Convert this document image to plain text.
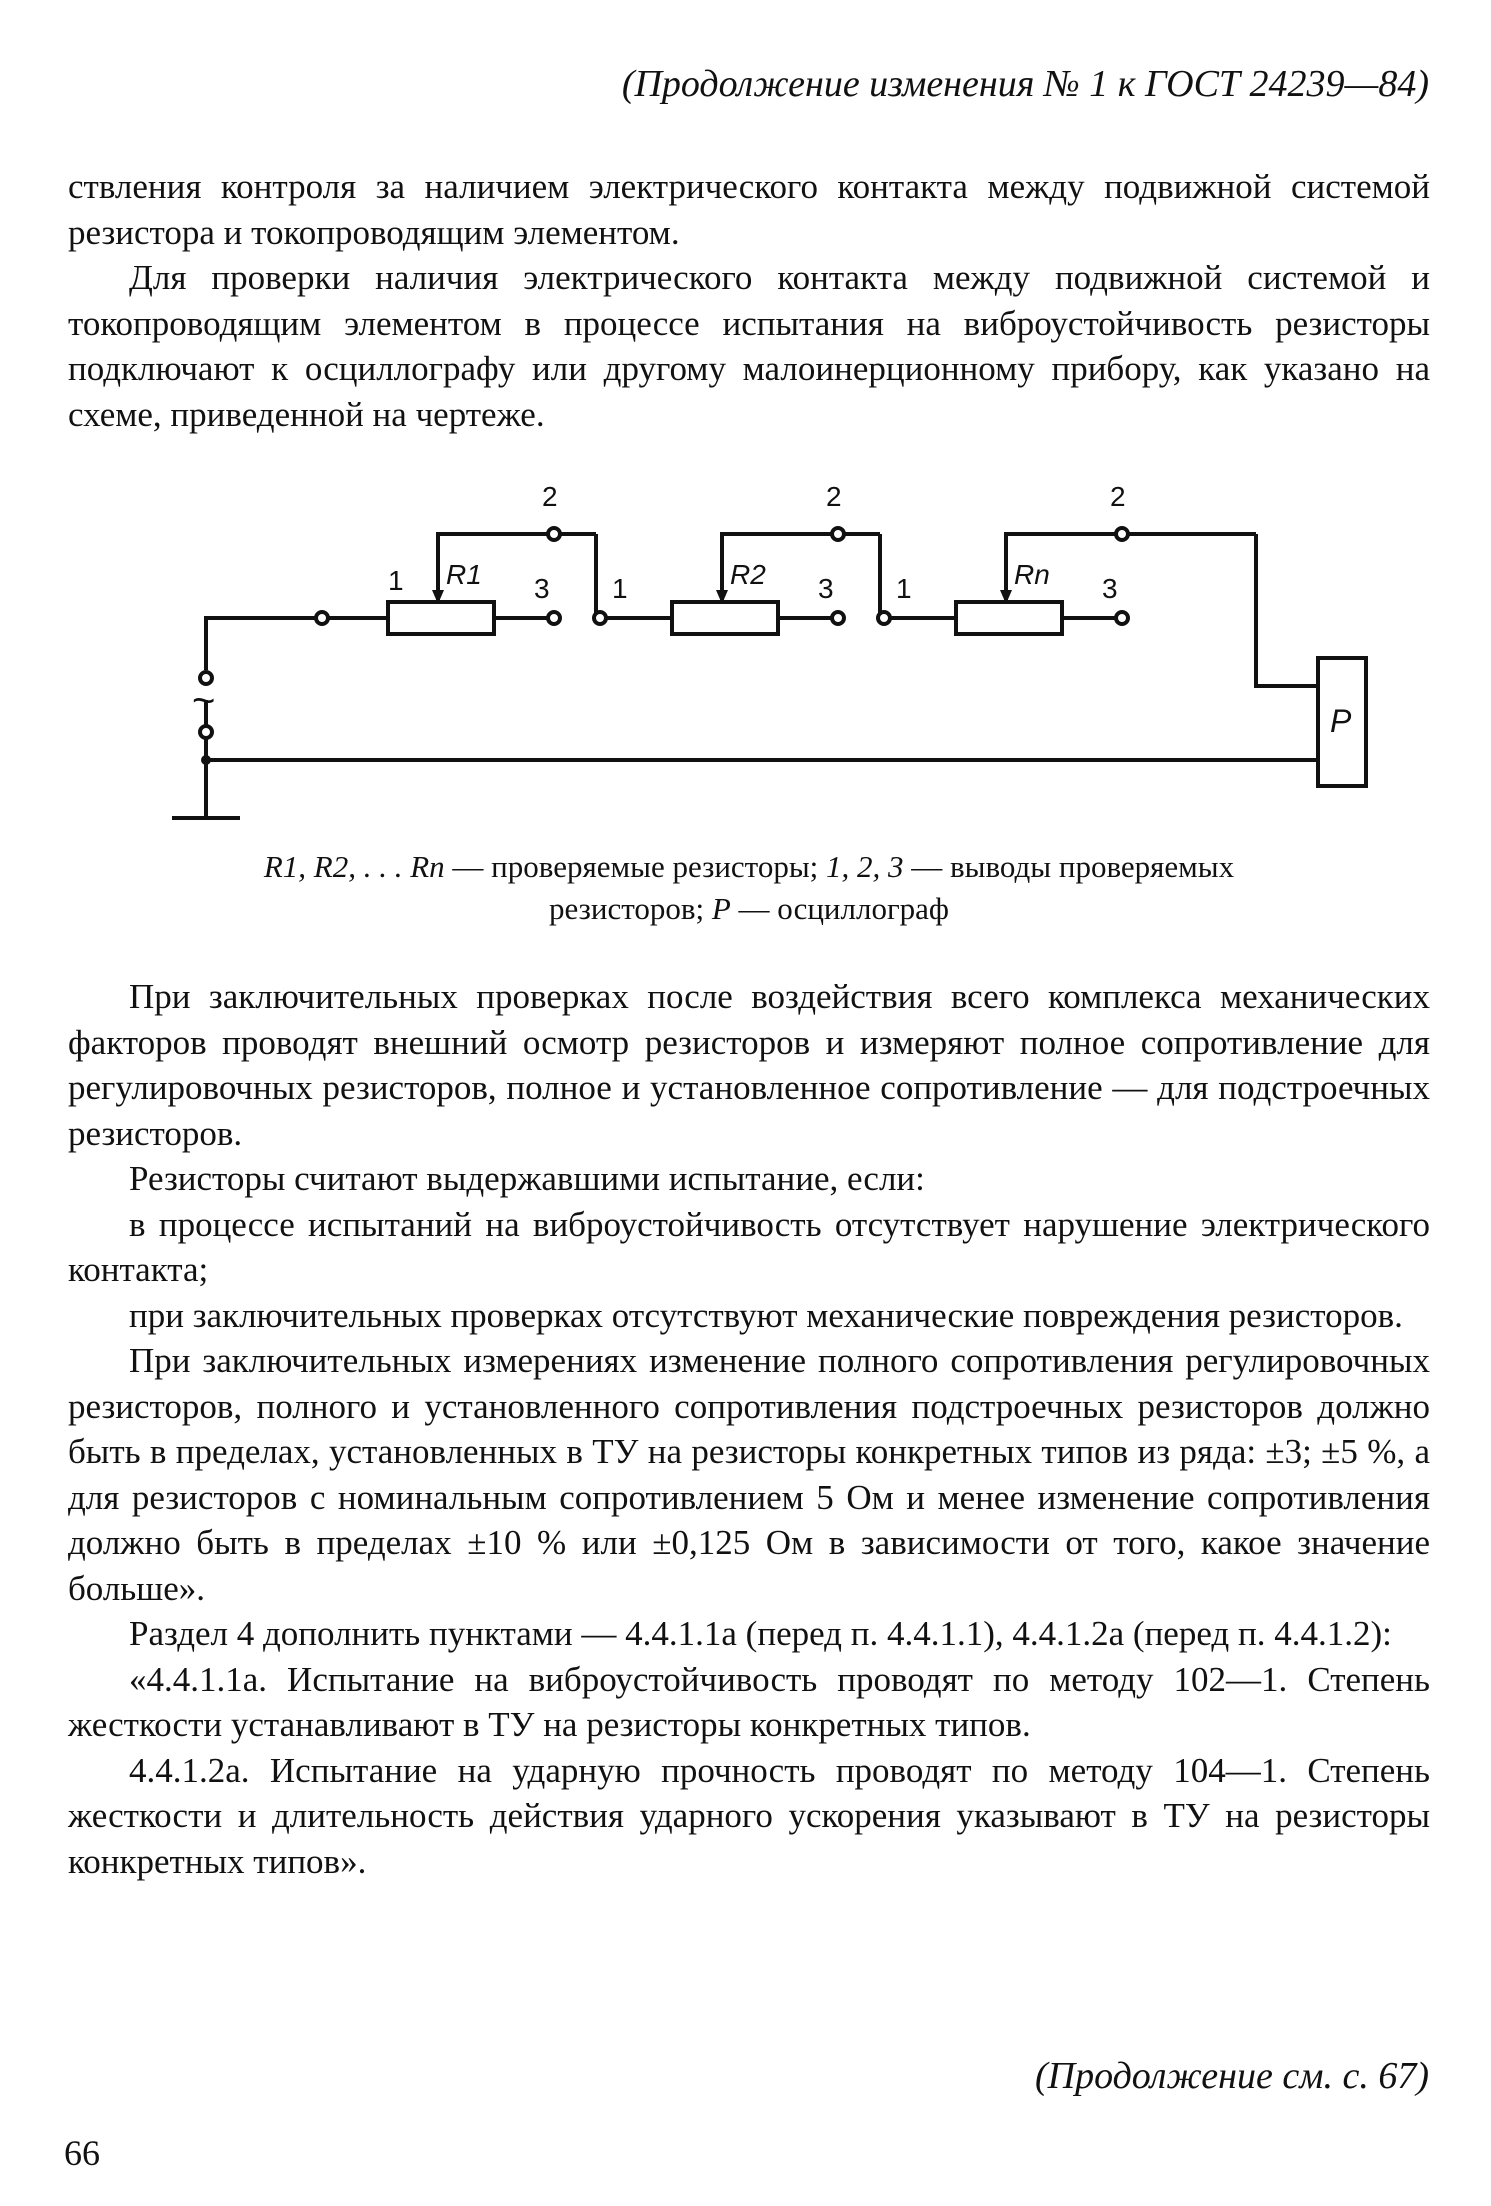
(Продолжение изменения № 1 к ГОСТ 24239—84)

ствления контроля за наличием электрического контакта между подвижной системой резистора и токопроводящим элементом.

Для проверки наличия электрического контакта между подвижной системой и токопроводящим элементом в процессе испытания на виброустойчивость резисторы подключают к осциллографу или другому малоинерционному прибору, как указано на схеме, приведенной на чертеже.

1
2
3
R1	1
2
3
R2	1
2
3
Rn
~	P
R1, R2, . . . Rn — проверяемые резисторы; 1, 2, 3 — выводы проверяемых
резисторов; P — осциллограф

При заключительных проверках после воздействия всего комплекса механических факторов проводят внешний осмотр резисторов и измеряют полное сопротивление для регулировочных резисторов, полное и установленное сопротивление — для подстроечных резисторов.

Резисторы считают выдержавшими испытание, если:

в процессе испытаний на виброустойчивость отсутствует нарушение электрического контакта;

при заключительных проверках отсутствуют механические повреждения резисторов.

При заключительных измерениях изменение полного сопротивления регулировочных резисторов, полного и установленного сопротивления подстроечных резисторов должно быть в пределах, установленных в ТУ на резисторы конкретных типов из ряда: ±3; ±5 %, а для резисторов с номинальным сопротивлением 5 Ом и менее изменение сопротивления должно быть в пределах ±10 % или ±0,125 Ом в зависимости от того, какое значение больше».

Раздел 4 дополнить пунктами — 4.4.1.1а (перед п. 4.4.1.1), 4.4.1.2а (перед п. 4.4.1.2):

«4.4.1.1а. Испытание на виброустойчивость проводят по методу 102—1. Степень жесткости устанавливают в ТУ на резисторы конкретных типов.

4.4.1.2а. Испытание на ударную прочность проводят по методу 104—1. Степень жесткости и длительность действия ударного ускорения указывают в ТУ на резисторы конкретных типов».

(Продолжение см. с. 67)
66
